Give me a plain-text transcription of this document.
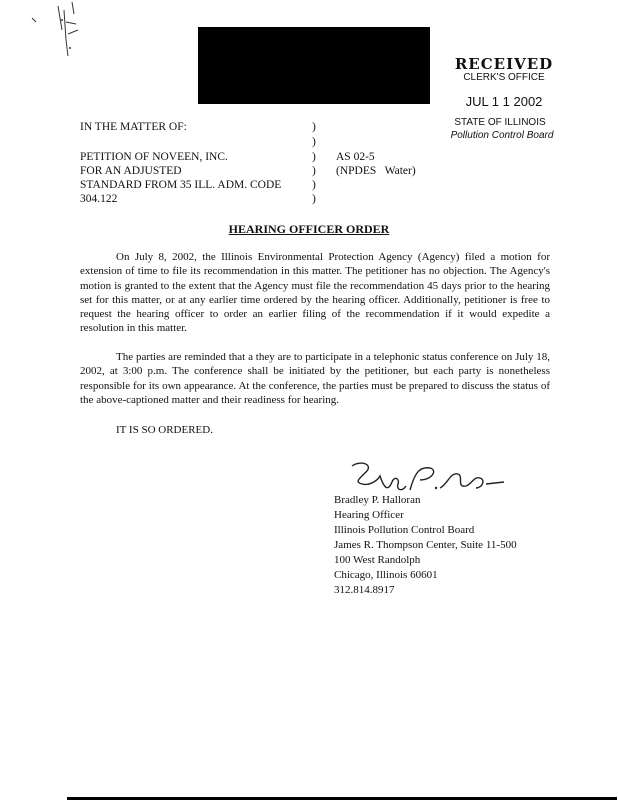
RECEIVED
CLERK'S OFFICE
JUL 1 1 2002
STATE OF ILLINOIS
Pollution Control Board
IN THE MATTER OF:
PETITION OF NOVEEN, INC.
FOR AN ADJUSTED
STANDARD FROM 35 ILL. ADM. CODE
304.122
)
)
)
)
)
)
AS 02-5
(NPDES   Water)
HEARING OFFICER ORDER
On July 8, 2002, the Illinois Environmental Protection Agency (Agency) filed a motion for extension of time to file its recommendation in this matter. The petitioner has no objection. The Agency's motion is granted to the extent that the Agency must file the recommendation 45 days prior to the hearing set for this matter, or at any earlier time ordered by the hearing officer. Additionally, petitioner is free to request the hearing officer to order an earlier filing of the recommendation if it would expedite a resolution in this matter.
The parties are reminded that a they are to participate in a telephonic status conference on July 18, 2002, at 3:00 p.m. The conference shall be initiated by the petitioner, but each party is nonetheless responsible for its own appearance. At the conference, the parties must be prepared to discuss the status of the above-captioned matter and their readiness for hearing.
IT IS SO ORDERED.
Bradley P. Halloran
Hearing Officer
Illinois Pollution Control Board
James R. Thompson Center, Suite 11-500
100 West Randolph
Chicago, Illinois 60601
312.814.8917
